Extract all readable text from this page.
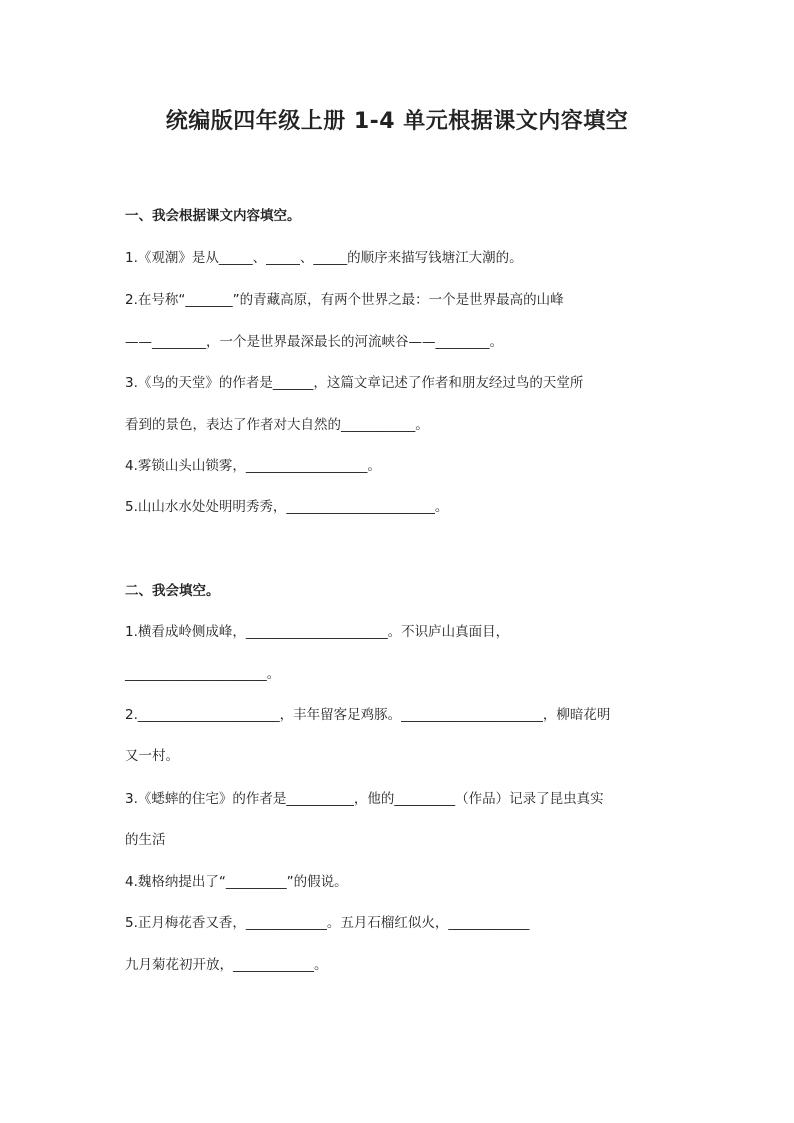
统编版四年级上册 1-4 单元根据课文内容填空
一、我会根据课文内容填空。
1.《观潮》是从_____、_____、_____的顺序来描写钱塘江大潮的。
2.在号称“_______”的青藏高原，有两个世界之最：一个是世界最高的山峰
——________，一个是世界最深最长的河流峡谷——________。
3.《鸟的天堂》的作者是______，这篇文章记述了作者和朋友经过鸟的天堂所
看到的景色，表达了作者对大自然的___________。
4.雾锁山头山锁雾，__________________。
5.山山水水处处明明秀秀，______________________。
二、我会填空。
1.横看成岭侧成峰，_____________________。不识庐山真面目，
_____________________。
2._____________________，丰年留客足鸡豚。_____________________，柳暗花明
又一村。
3.《蟋蟀的住宅》的作者是__________，他的_________（作品）记录了昆虫真实
的生活
4.魏格纳提出了“_________”的假说。
5.正月梅花香又香，____________。五月石榴红似火，____________
九月菊花初开放，____________。
